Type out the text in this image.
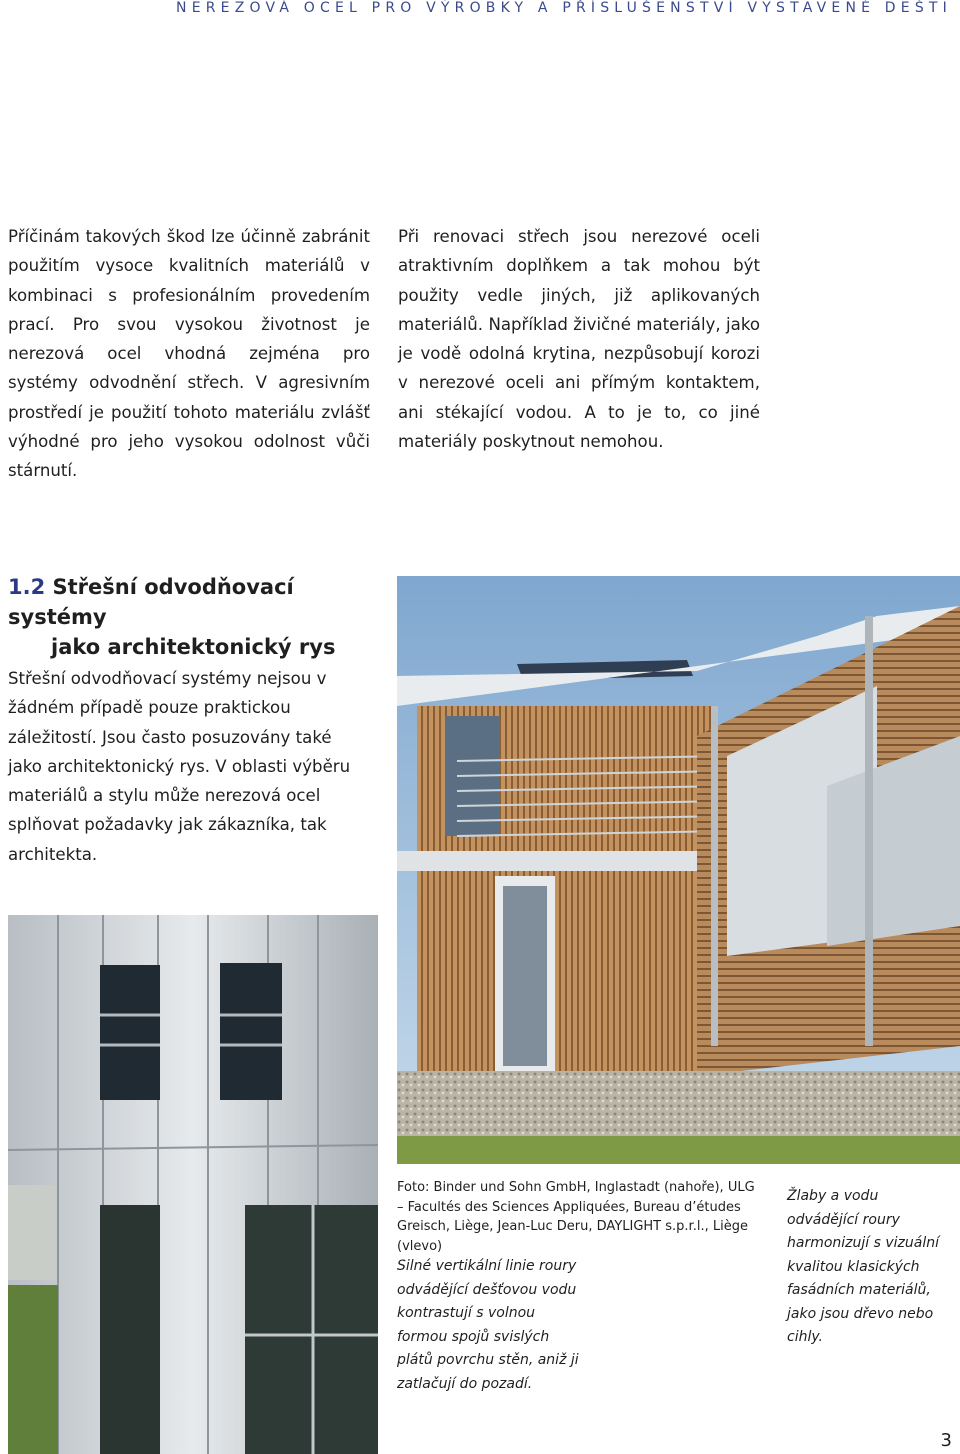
NEREZOVÁ OCEL PRO VÝROBKY A PŘÍSLUŠENSTVÍ VYSTAVENÉ DEŠTI
Příčinám takových škod lze účinně zabránit použitím vysoce kvalitních materiálů v kombinaci s profesionálním provedením prací. Pro svou vysokou životnost je nerezová ocel vhodná zejména pro systémy odvodnění střech. V agresivním prostředí je použití tohoto materiálu zvlášť výhodné pro jeho vysokou odolnost vůči stárnutí.
Při renovaci střech jsou nerezové oceli atraktivním doplňkem a tak mohou být použity vedle jiných, již aplikovaných materiálů. Například živičné materiály, jako je vodě odolná krytina, nezpůsobují korozi v nerezové oceli ani přímým kontaktem, ani stékající vodou. A to je to, co jiné materiály poskytnout nemohou.
1.2 Střešní odvodňovací systémy
jako architektonický rys
Střešní odvodňovací systémy nejsou v žádném případě pouze praktickou záležitostí. Jsou často posuzovány také jako architektonický rys. V oblasti výběru materiálů a stylu může nerezová ocel splňovat požadavky jak zákazníka, tak architekta.
Foto: Binder und Sohn GmbH, Inglastadt (nahoře), ULG – Facultés des Sciences Appliquées, Bureau d’études Greisch, Liège, Jean-Luc Deru, DAYLIGHT s.p.r.l., Liège (vlevo)
Silné vertikální linie roury odvádějící dešťovou vodu kontrastují s volnou formou spojů svislých plátů povrchu stěn, aniž ji zatlačují do pozadí.
Žlaby a vodu odvádějící roury harmonizují s vizuální kvalitou klasických fasádních materiálů, jako jsou dřevo nebo cihly.
3
